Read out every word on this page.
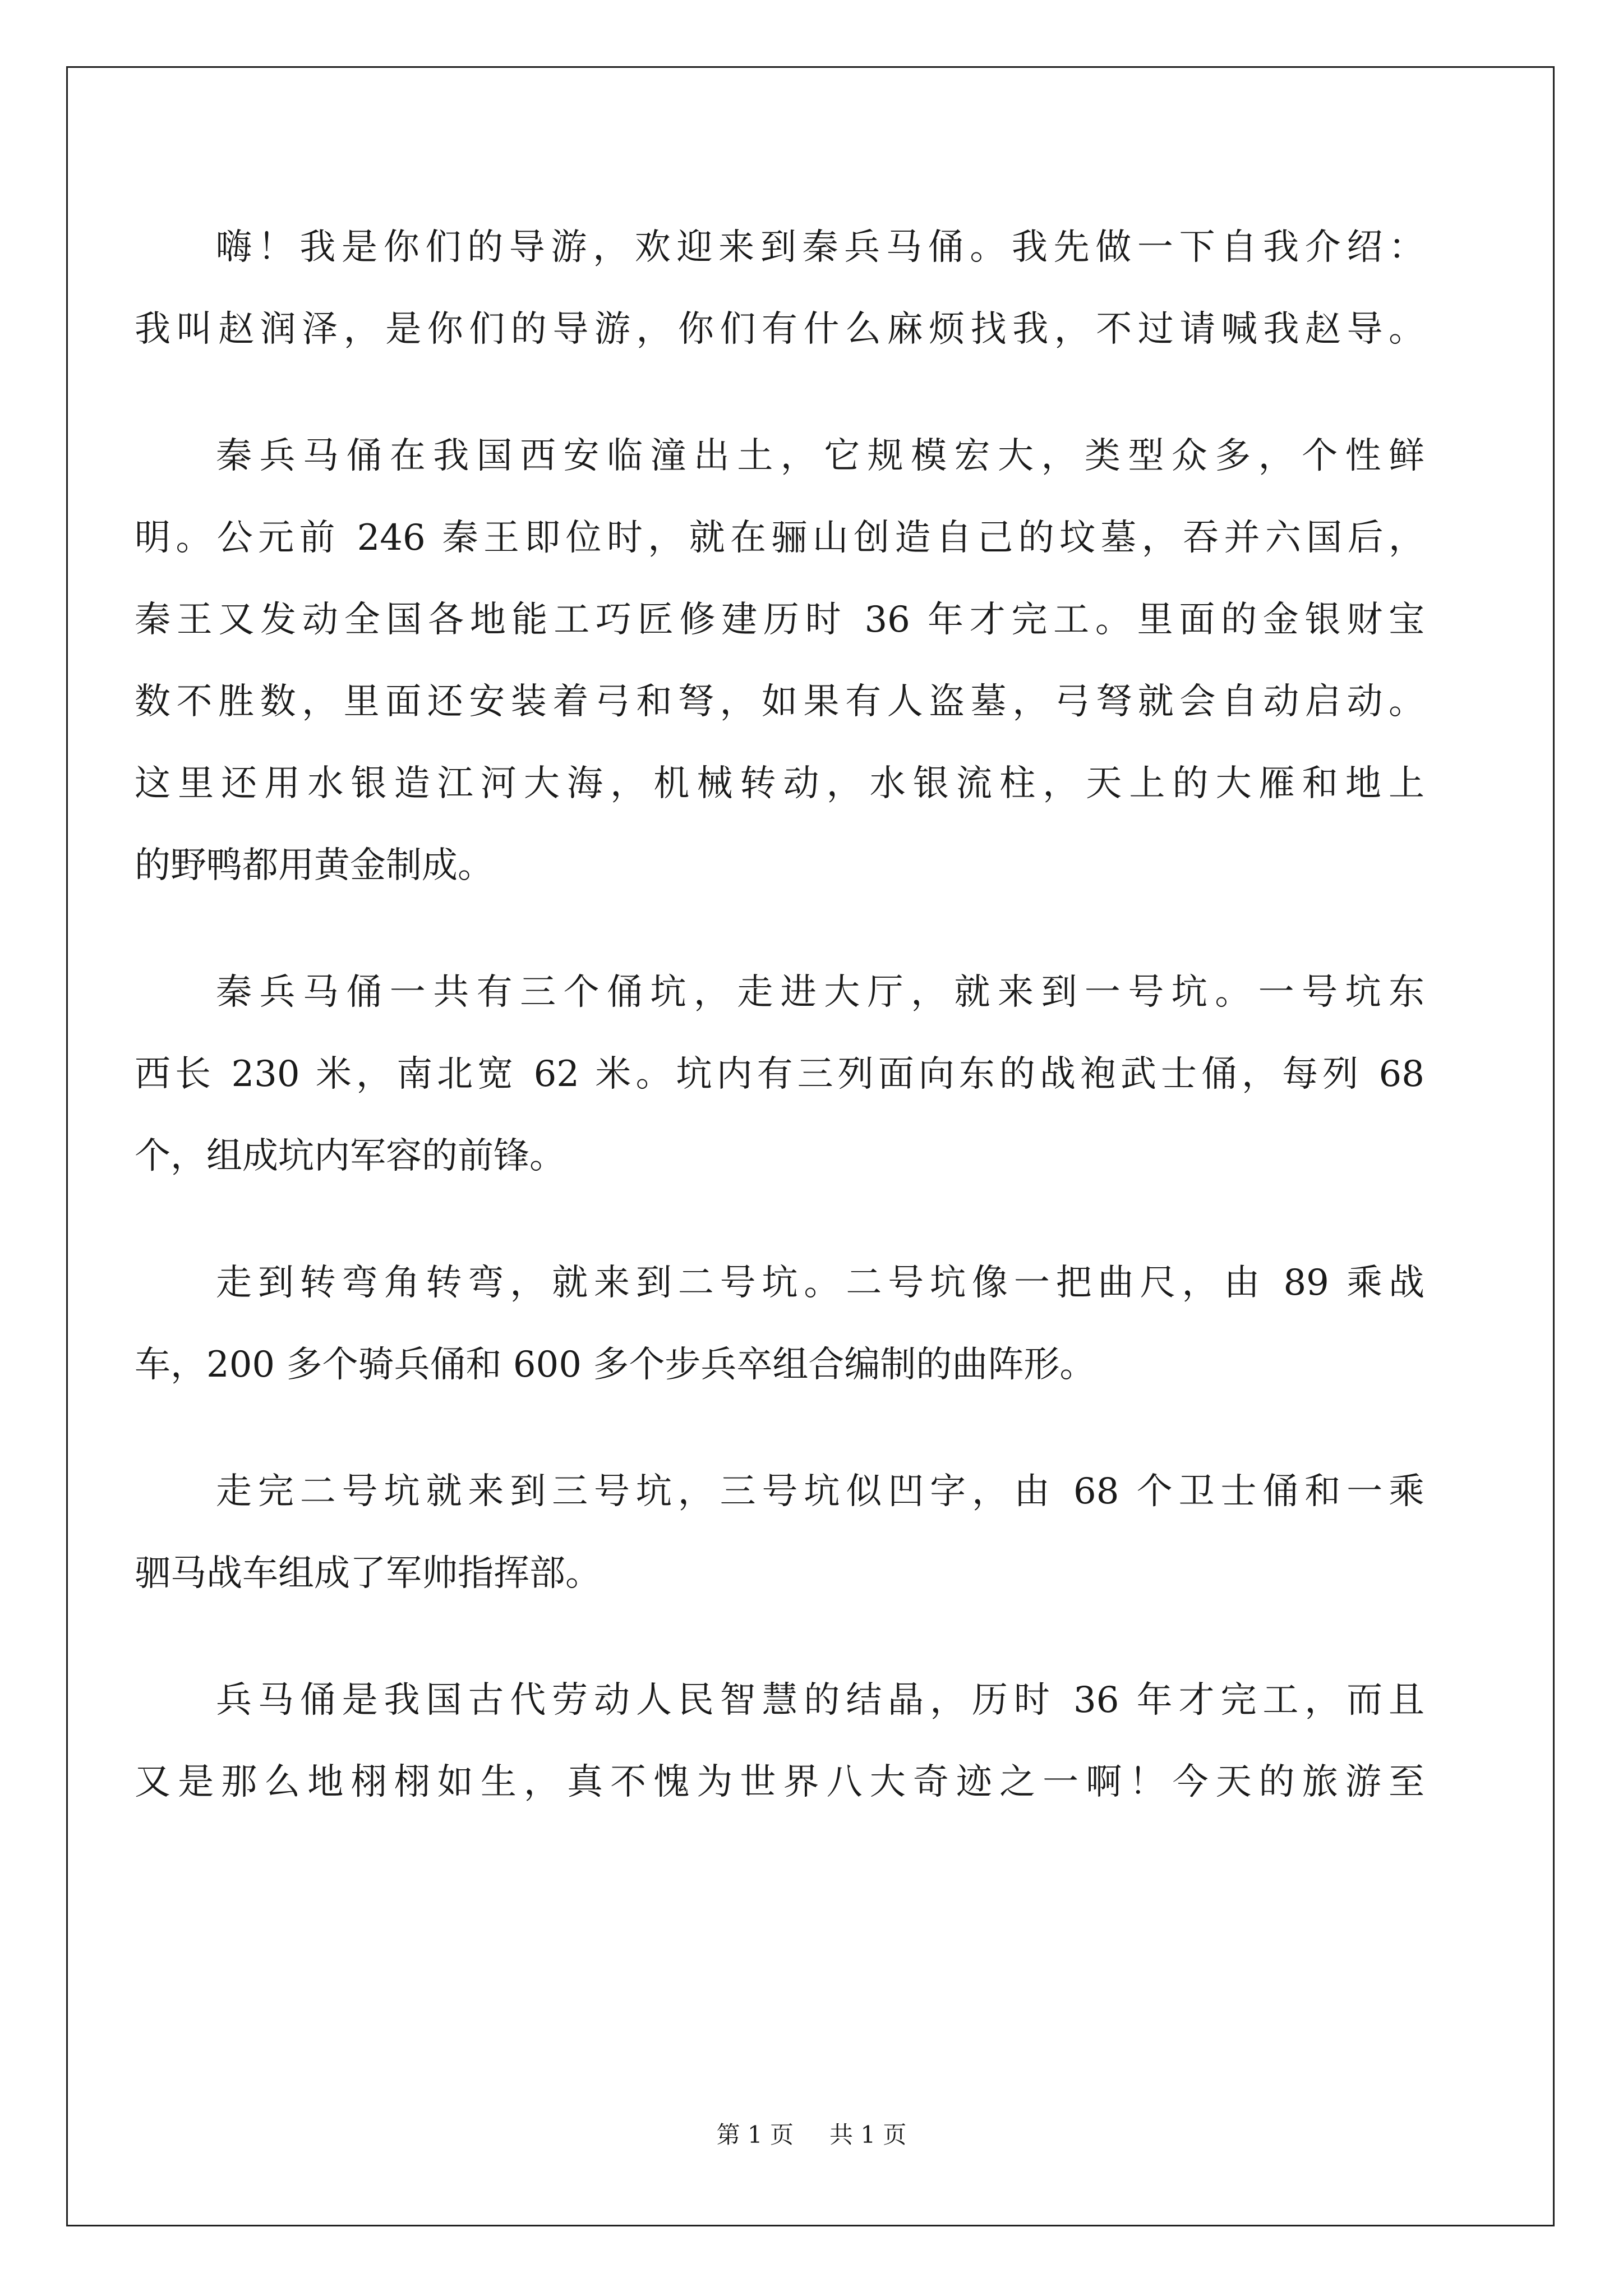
嗨！我是你们的导游，欢迎来到秦兵马俑。我先做一下自我介绍：
我叫赵润泽，是你们的导游，你们有什么麻烦找我，不过请喊我赵导。
秦兵马俑在我国西安临潼出土，它规模宏大，类型众多，个性鲜
明。公元前 246 秦王即位时，就在骊山创造自己的坟墓，吞并六国后，
秦王又发动全国各地能工巧匠修建历时 36 年才完工。里面的金银财宝
数不胜数，里面还安装着弓和弩，如果有人盗墓，弓弩就会自动启动。
这里还用水银造江河大海，机械转动，水银流柱，天上的大雁和地上
的野鸭都用黄金制成。
秦兵马俑一共有三个俑坑，走进大厅，就来到一号坑。一号坑东
西长 230 米，南北宽 62 米。坑内有三列面向东的战袍武士俑，每列 68
个，组成坑内军容的前锋。
走到转弯角转弯，就来到二号坑。二号坑像一把曲尺，由 89 乘战
车，200 多个骑兵俑和 600 多个步兵卒组合编制的曲阵形。
走完二号坑就来到三号坑，三号坑似凹字，由 68 个卫士俑和一乘
驷马战车组成了军帅指挥部。
兵马俑是我国古代劳动人民智慧的结晶，历时 36 年才完工，而且
又是那么地栩栩如生，真不愧为世界八大奇迹之一啊！今天的旅游至
第 1 页 共 1 页
